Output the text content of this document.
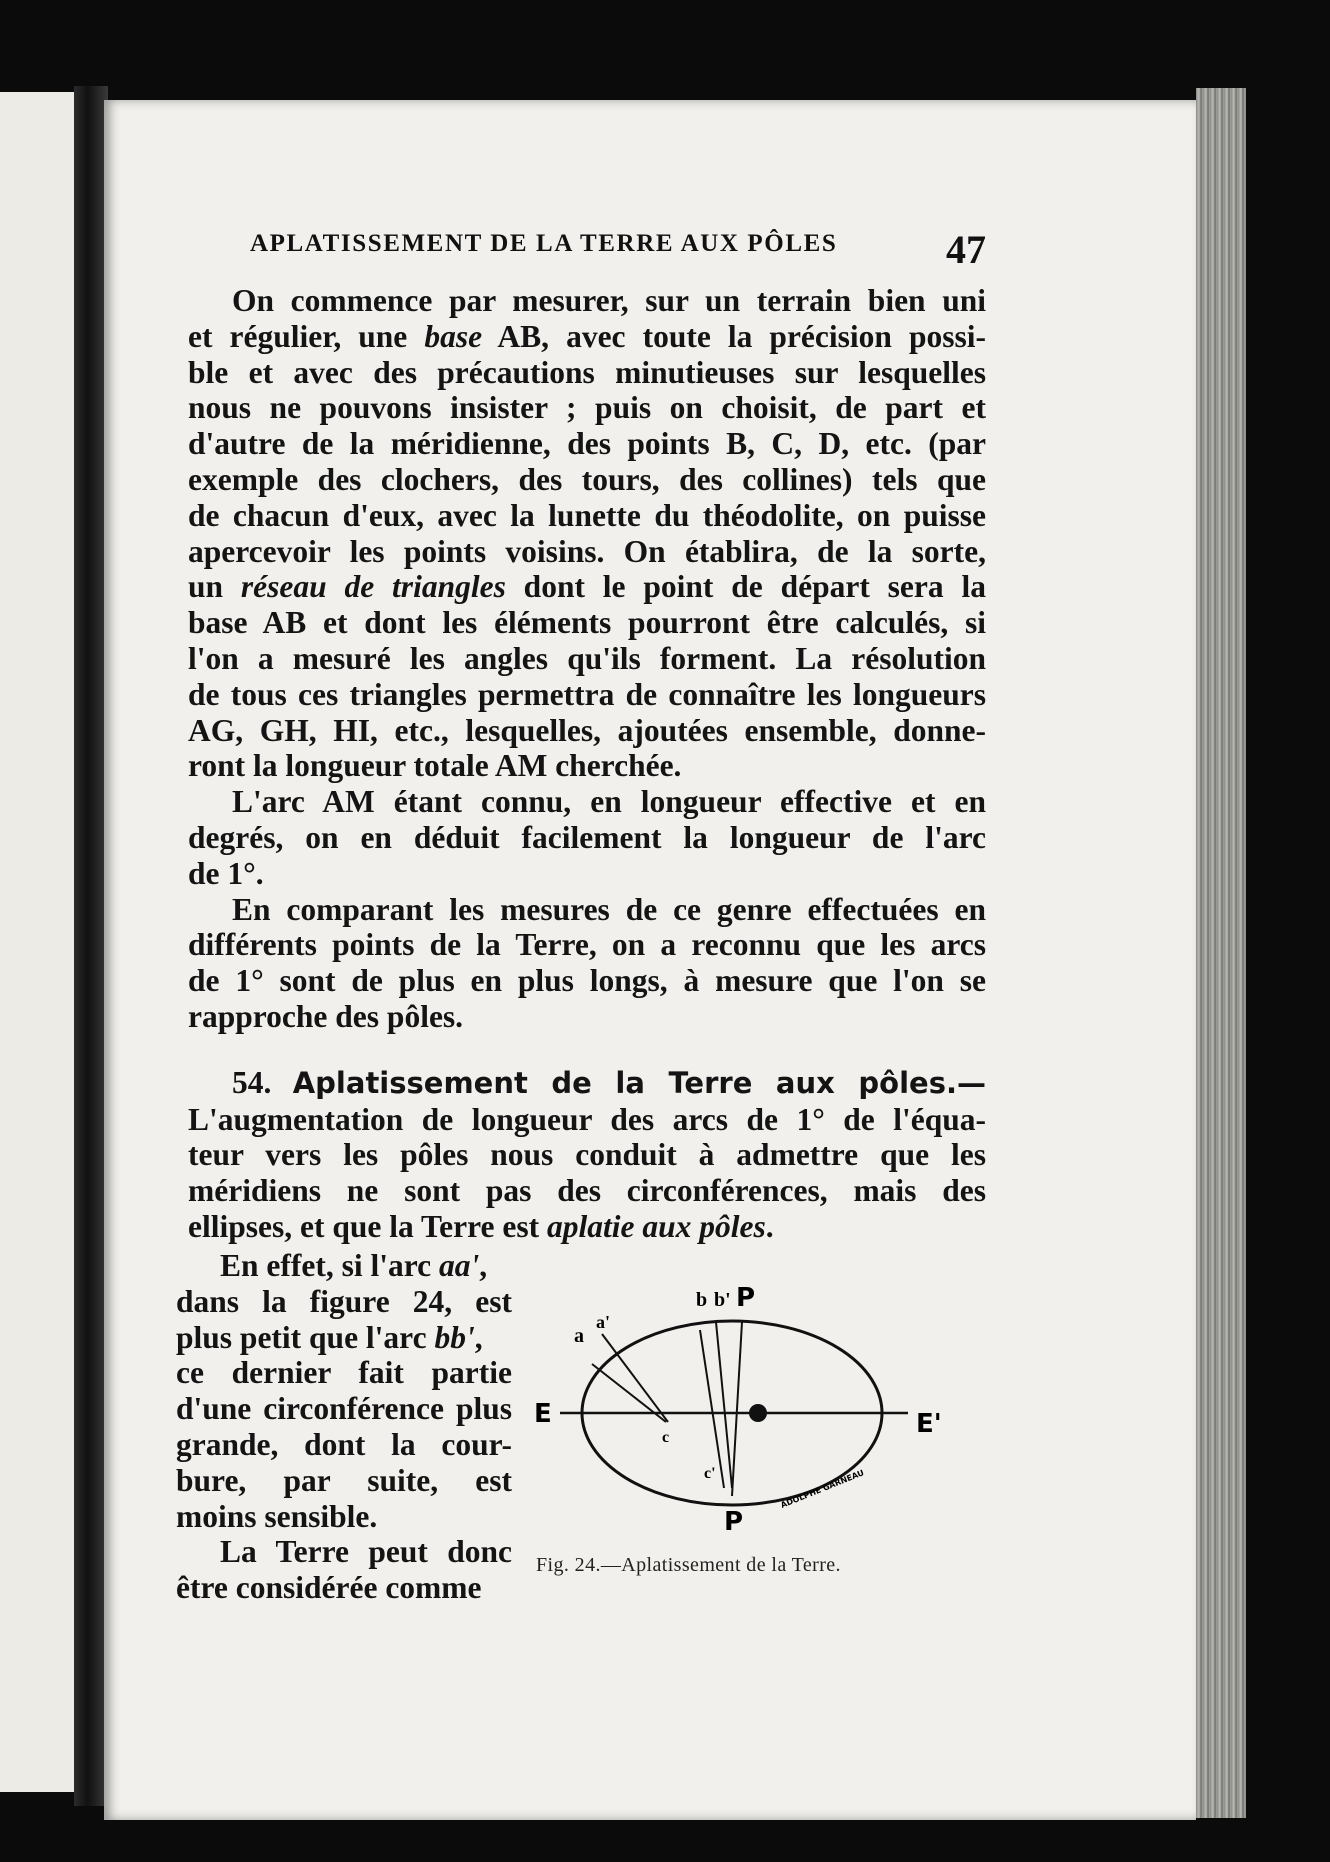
APLATISSEMENT DE LA TERRE AUX PÔLES	47
On commence par mesurer, sur un terrain bien uni
et régulier, une base AB, avec toute la précision possi-
ble et avec des précautions minutieuses sur lesquelles
nous ne pouvons insister ; puis on choisit, de part et
d'autre de la méridienne, des points B, C, D, etc. (par
exemple des clochers, des tours, des collines) tels que
de chacun d'eux, avec la lunette du théodolite, on puisse
apercevoir les points voisins. On établira, de la sorte,
un réseau de triangles dont le point de départ sera la
base AB et dont les éléments pourront être calculés, si
l'on a mesuré les angles qu'ils forment. La résolution
de tous ces triangles permettra de connaître les longueurs
AG, GH, HI, etc., lesquelles, ajoutées ensemble, donne-
ront la longueur totale AM cherchée.
L'arc AM étant connu, en longueur effective et en
degrés, on en déduit facilement la longueur de l'arc
de 1°.
En comparant les mesures de ce genre effectuées en
différents points de la Terre, on a reconnu que les arcs
de 1° sont de plus en plus longs, à mesure que l'on se
rapproche des pôles.
54. Aplatissement de la Terre aux pôles.—
L'augmentation de longueur des arcs de 1° de l'équa-
teur vers les pôles nous conduit à admettre que les
méridiens ne sont pas des circonférences, mais des
ellipses, et que la Terre est aplatie aux pôles.
En effet, si l'arc aa',
dans la figure 24, est
plus petit que l'arc bb',
ce dernier fait partie
d'une circonférence plus
grande, dont la cour-
bure, par suite, est
moins sensible.
La Terre peut donc
être considérée comme
a
a'
b b' P
E	E'
c
c'
P
ADOLPHE GARNEAU
Fig. 24.—Aplatissement de la Terre.
